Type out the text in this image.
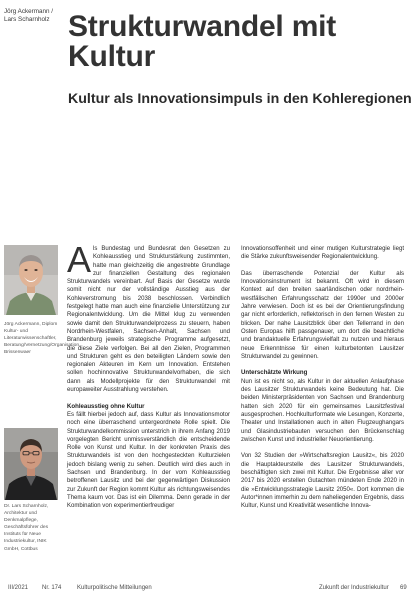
Jörg Ackermann / Lars Scharnholz Strukturwandel mit Kultur
Kultur als Innovationsimpuls in den Kohleregionen
Jörg Ackermann, Diplom Kultur- und Literaturwissenschaftler, Beratung/Vernetzung/Organisation, Brissenwaer
Dr. Lars Scharnholz, Architektur und Denkmalpflege, Geschäftsführer des Instituts für Neue Industriekultur, INIK GmbH, Cottbus

Als Bundestag und Bundesrat den Gesetzen zu Kohleausstieg und Strukturstärkung zustimmten, hatte man gleichzeitig die angestrebte Grundlage zur finanziellen Gestaltung des regionalen Strukturwandels vereinbart. Auf Basis der Gesetze wurde somit nicht nur der vollständige Ausstieg aus der Kohleverstromung bis 2038 beschlossen. Verbindlich festgelegt hatte man auch eine finanzielle Unterstützung zur Regionalentwicklung. Um die Mittel klug zu verwenden sowie damit den Strukturwandelprozess zu steuern, haben Nordrhein-Westfalen, Sachsen-Anhalt, Sachsen und Brandenburg jeweils strategische Programme aufgesetzt, die diese Ziele verfolgen. Bei all den Zielen, Programmen und Strukturen geht es den beteiligten Ländern sowie den regionalen Akteuren im Kern um Innovation. Entstehen sollen hochinnovative Strukturwandelvorhaben, die sich dann als Modellprojekte für den Strukturwandel mit europaweiter Ausstrahlung verstehen.

Kohleausstieg ohne Kultur

Es fällt hierbei jedoch auf, dass Kultur als Innovationsmotor noch eine überraschend untergeordnete Rolle spielt. Die Strukturwandelkommission unterstrich in ihrem Anfang 2019 vorgelegten Bericht unmissverständlich die entscheidende Rolle von Kunst und Kultur. In der konkreten Praxis des Strukturwandels ist von den hochgesteckten Kulturzielen jedoch bislang wenig zu sehen. Deutlich wird dies auch in Sachsen und Brandenburg. In der vom Kohleausstieg betroffenen Lausitz und bei der gegenwärtigen Diskussion zur Zukunft der Region kommt Kultur als richtungsweisendes Thema kaum vor. Das ist ein Dilemma. Denn gerade in der Kombination von experimentierfreudiger

Innovationsoffenheit und einer mutigen Kulturstrategie liegt die Stärke zukunftsweisender Regionalentwicklung.

Das überraschende Potenzial der Kultur als Innovationsinstrument ist bekannt. Oft wird in diesem Kontext auf den breiten saarländischen oder nordrhein-westfälischen Erfahrungsschatz der 1990er und 2000er Jahre verwiesen. Doch ist es bei der Orientierungsfindung gar nicht erforderlich, reflektorisch in den fernen Westen zu blicken. Der nahe Lausitzblick über den Tellerrand in den Osten Europas hilft passgenauer, um dort die beachtliche und brandaktuelle Erfahrungsvielfalt zu nutzen und hieraus neue Erkenntnisse für einen kulturbetonten Lausitzer Strukturwandel zu gewinnen.

Unterschätzte Wirkung

Nun ist es nicht so, als Kultur in der aktuellen Anlaufphase des Lausitzer Strukturwandels keine Bedeutung hat. Die beiden Ministerpräsidenten von Sachsen und Brandenburg hatten sich 2020 für ein gemeinsames Lausitzfestival ausgesprochen. Hochkulturformate wie Lesungen, Konzerte, Theater und Installationen auch in alten Flugzeughangars und Glasindustriebauten versuchen den Brückenschlag zwischen Kunst und industrieller Neuorientierung.

Von 32 Studien der »Wirtschaftsregion Lausitz«, bis 2020 die Hauptakteurstelle des Lausitzer Strukturwandels, beschäftigten sich zwei mit Kultur. Die Ergebnisse aller vor 2017 bis 2020 erstellen Gutachten mündeten Ende 2020 in die »Entwicklungsstrategie Lausitz 2050«. Dort kommen die Autor*innen immerhin zu dem naheliegenden Ergebnis, dass Kultur, Kunst und Kreativität wesentliche Innova-

III/2021 Nr. 174	Kulturpolitische Mitteilungen	Zukunft der Industriekultur 69
